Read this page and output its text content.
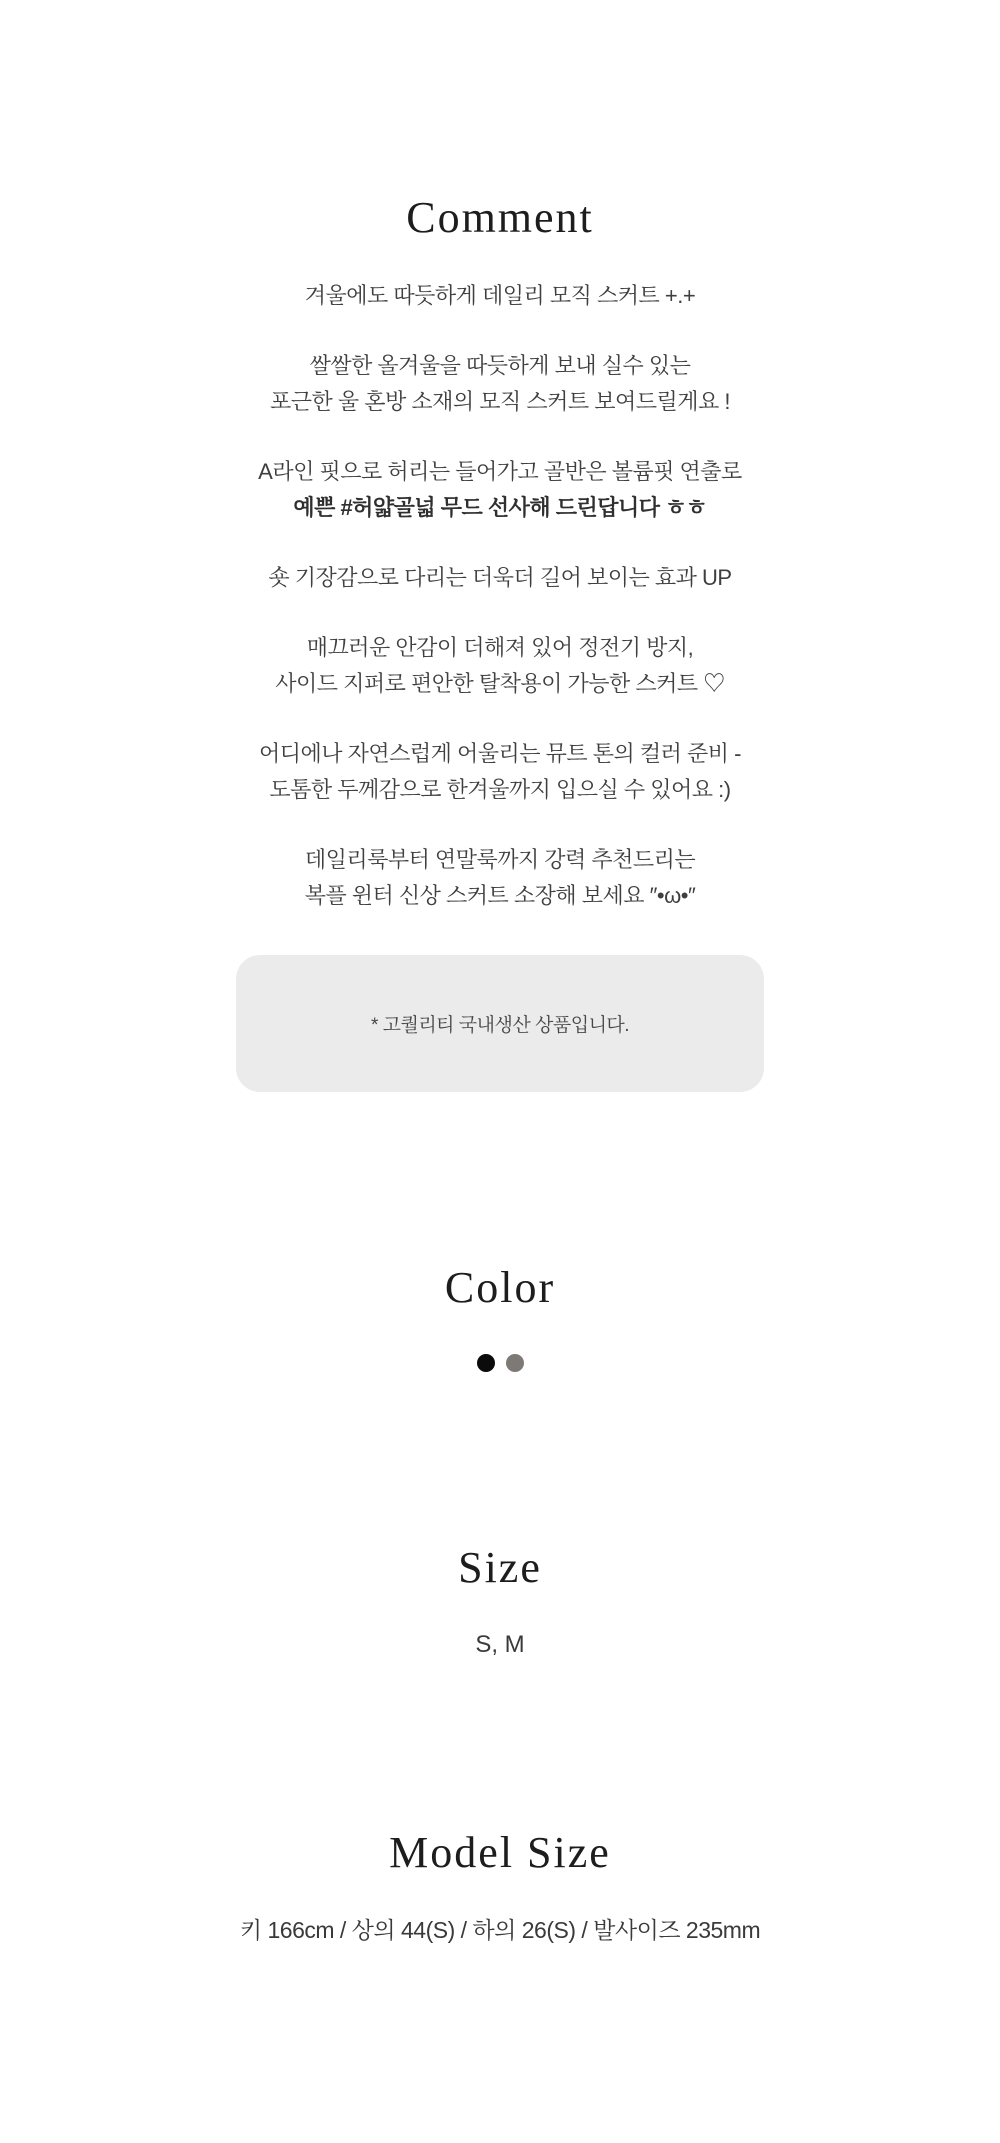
Comment

겨울에도 따듯하게 데일리 모직 스커트 +.+

쌀쌀한 올겨울을 따듯하게 보내 실수 있는
포근한 울 혼방 소재의 모직 스커트 보여드릴게요 !

A라인 핏으로 허리는 들어가고 골반은 볼륨핏 연출로
예쁜 #허얇골넓 무드 선사해 드린답니다 ㅎㅎ

숏 기장감으로 다리는 더욱더 길어 보이는 효과 UP

매끄러운 안감이 더해져 있어 정전기 방지,
사이드 지퍼로 편안한 탈착용이 가능한 스커트 ♡

어디에나 자연스럽게 어울리는 뮤트 톤의 컬러 준비 -
도톰한 두께감으로 한겨울까지 입으실 수 있어요 :)

데일리룩부터 연말룩까지 강력 추천드리는
복플 윈터 신상 스커트 소장해 보세요 ″•ω•″

* 고퀄리티 국내생산 상품입니다.
Color
Size
S, M
Model Size
키 166cm / 상의 44(S) / 하의 26(S) / 발사이즈 235mm
